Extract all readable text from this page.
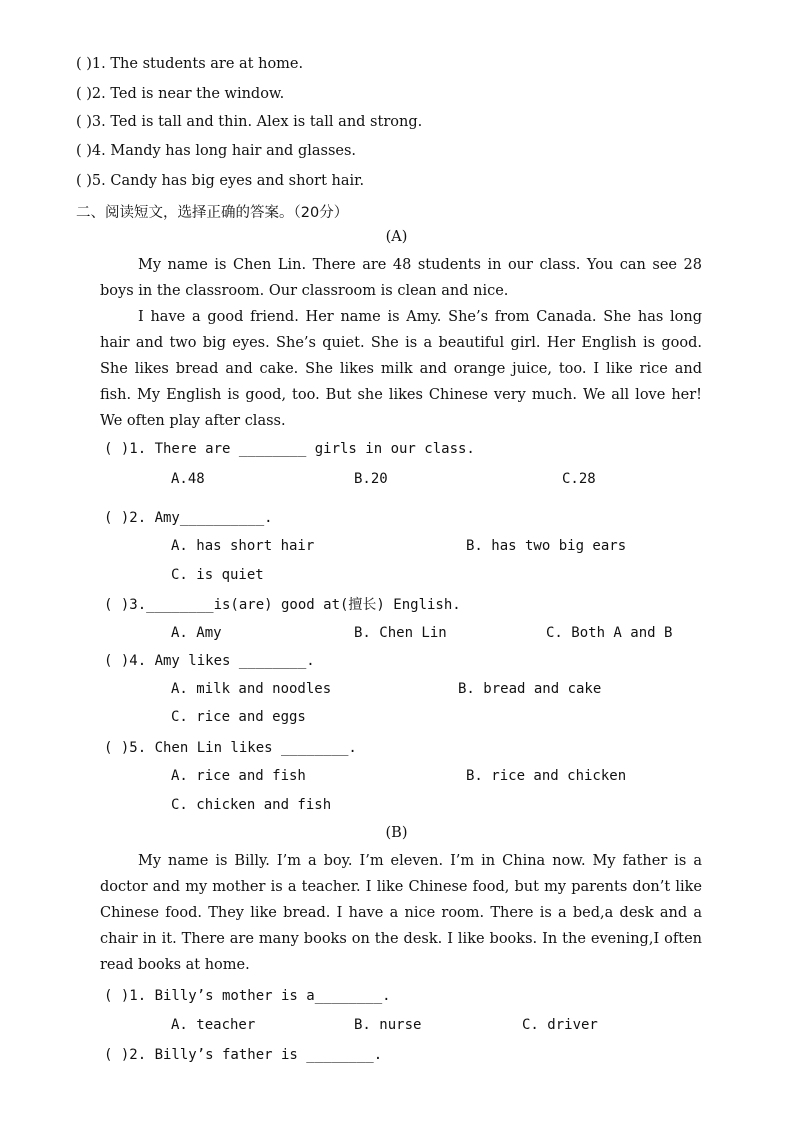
( )1. The students are at home.
( )2. Ted is near the window.
( )3. Ted is tall and thin. Alex is tall and strong.
( )4. Mandy has long hair and glasses.
( )5. Candy has big eyes and short hair.
二、阅读短文，选择正确的答案。（20分）
(A)
My name is Chen Lin. There are 48 students in our class. You can see 28 boys in the classroom. Our classroom is clean and nice.
I have a good friend. Her name is Amy. She’s from Canada. She has long hair and two big eyes. She’s quiet. She is a beautiful girl. Her English is good. She likes bread and cake. She likes milk and orange juice, too. I like rice and fish. My English is good, too. But she likes Chinese very much. We all love her! We often play after class.
( )1. There are ________ girls in our class.
A.48	B.20	C.28
( )2. Amy__________.
A. has short hair	B. has two big ears
C. is quiet
( )3.________is(are) good at(擅长) English.
A. Amy	B. Chen Lin	C. Both A and B
( )4. Amy likes ________.
A. milk and noodles	B. bread and cake
C. rice and eggs
( )5. Chen Lin likes ________.
A. rice and fish	B. rice and chicken
C. chicken and fish
(B)
My name is Billy. I’m a boy. I’m eleven. I’m in China now. My father is a doctor and my mother is a teacher. I like Chinese food, but my parents don’t like Chinese food. They like bread. I have a nice room. There is a bed,a desk and a chair in it. There are many books on the desk. I like books. In the evening,I often read books at home.
( )1. Billy’s mother is a________.
A. teacher	B. nurse	C. driver
( )2. Billy’s father is ________.
